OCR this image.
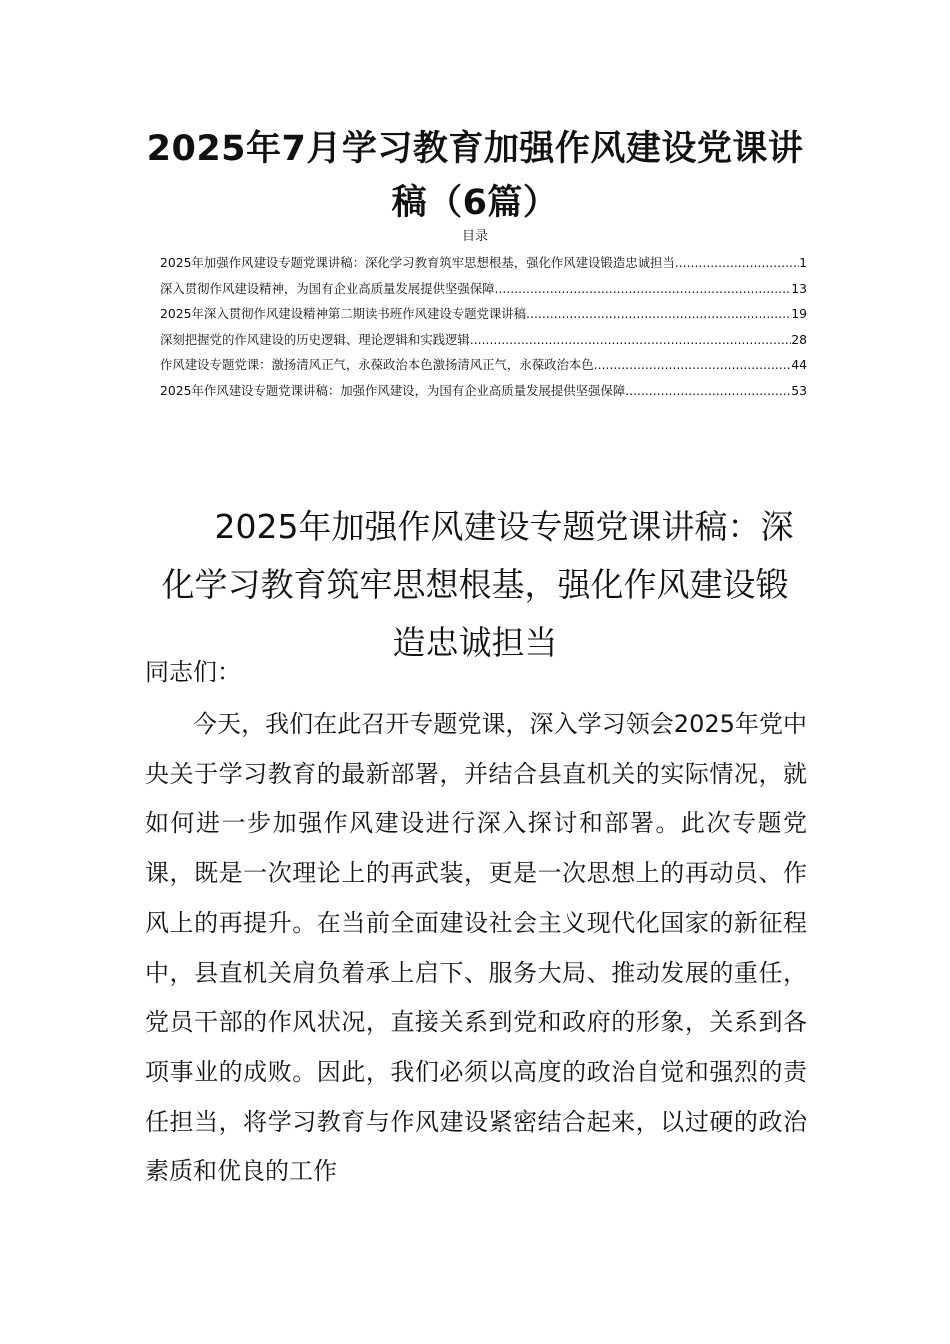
2025年7月学习教育加强作风建设党课讲稿（6篇）
目录
2025年加强作风建设专题党课讲稿：深化学习教育筑牢思想根基，强化作风建设锻造忠诚担当 .....	1
深入贯彻作风建设精神，为国有企业高质量发展提供坚强保障 .....	13
2025年深入贯彻作风建设精神第二期读书班作风建设专题党课讲稿 .....	19
深刻把握党的作风建设的历史逻辑、理论逻辑和实践逻辑 .....	28
作风建设专题党课：激扬清风正气，永葆政治本色激扬清风正气，永葆政治本色 .....	44
2025年作风建设专题党课讲稿：加强作风建设，为国有企业高质量发展提供坚强保障 .....	53
2025年加强作风建设专题党课讲稿：深化学习教育筑牢思想根基，强化作风建设锻造忠诚担当

同志们：

今天，我们在此召开专题党课，深入学习领会2025年党中央关于学习教育的最新部署，并结合县直机关的实际情况，就如何进一步加强作风建设进行深入探讨和部署。此次专题党课，既是一次理论上的再武装，更是一次思想上的再动员、作风上的再提升。在当前全面建设社会主义现代化国家的新征程中，县直机关肩负着承上启下、服务大局、推动发展的重任，党员干部的作风状况，直接关系到党和政府的形象，关系到各项事业的成败。因此，我们必须以高度的政治自觉和强烈的责任担当，将学习教育与作风建设紧密结合起来，以过硬的政治素质和优良的工作
